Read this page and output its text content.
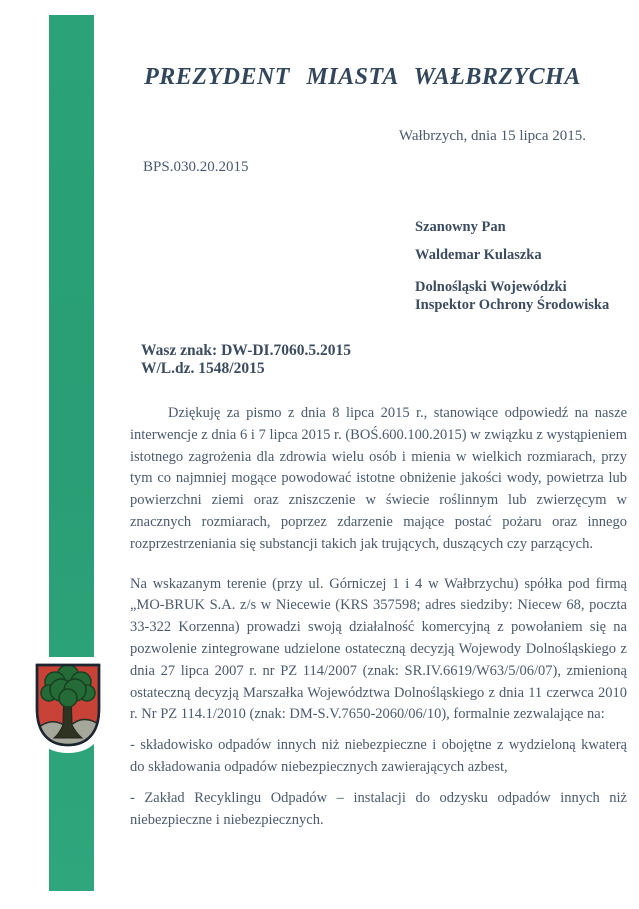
PREZYDENT MIASTA WAŁBRZYCHA
Wałbrzych, dnia 15 lipca 2015.
BPS.030.20.2015
Szanowny Pan
Waldemar Kulaszka
Dolnośląski Wojewódzki
Inspektor Ochrony Środowiska
Wasz znak: DW-DI.7060.5.2015
W/L.dz. 1548/2015

Dziękuję za pismo z dnia 8 lipca 2015 r., stanowiące odpowiedź na nasze interwencje z dnia 6 i 7 lipca 2015 r. (BOŚ.600.100.2015) w związku z wystąpieniem istotnego zagrożenia dla zdrowia wielu osób i mienia w wielkich rozmiarach, przy tym co najmniej mogące powodować istotne obniżenie jakości wody, powietrza lub powierzchni ziemi oraz zniszczenie w świecie roślinnym lub zwierzęcym w znacznych rozmiarach, poprzez zdarzenie mające postać pożaru oraz innego rozprzestrzeniania się substancji takich jak trujących, duszących czy parzących.

Na wskazanym terenie (przy ul. Górniczej 1 i 4 w Wałbrzychu) spółka pod firmą „MO-BRUK S.A. z/s w Niecewie (KRS 357598; adres siedziby: Niecew 68, poczta 33-322 Korzenna) prowadzi swoją działalność komercyjną z powołaniem się na pozwolenie zintegrowane udzielone ostateczną decyzją Wojewody Dolnośląskiego z dnia 27 lipca 2007 r. nr PZ 114/2007 (znak: SR.IV.6619/W63/5/06/07), zmienioną ostateczną decyzją Marszałka Województwa Dolnośląskiego z dnia 11 czerwca 2010 r. Nr PZ 114.1/2010 (znak: DM-S.V.7650-2060/06/10), formalnie zezwalające na:

- składowisko odpadów innych niż niebezpieczne i obojętne z wydzieloną kwaterą do składowania odpadów niebezpiecznych zawierających azbest,

- Zakład Recyklingu Odpadów – instalacji do odzysku odpadów innych niż niebezpieczne i niebezpiecznych.
